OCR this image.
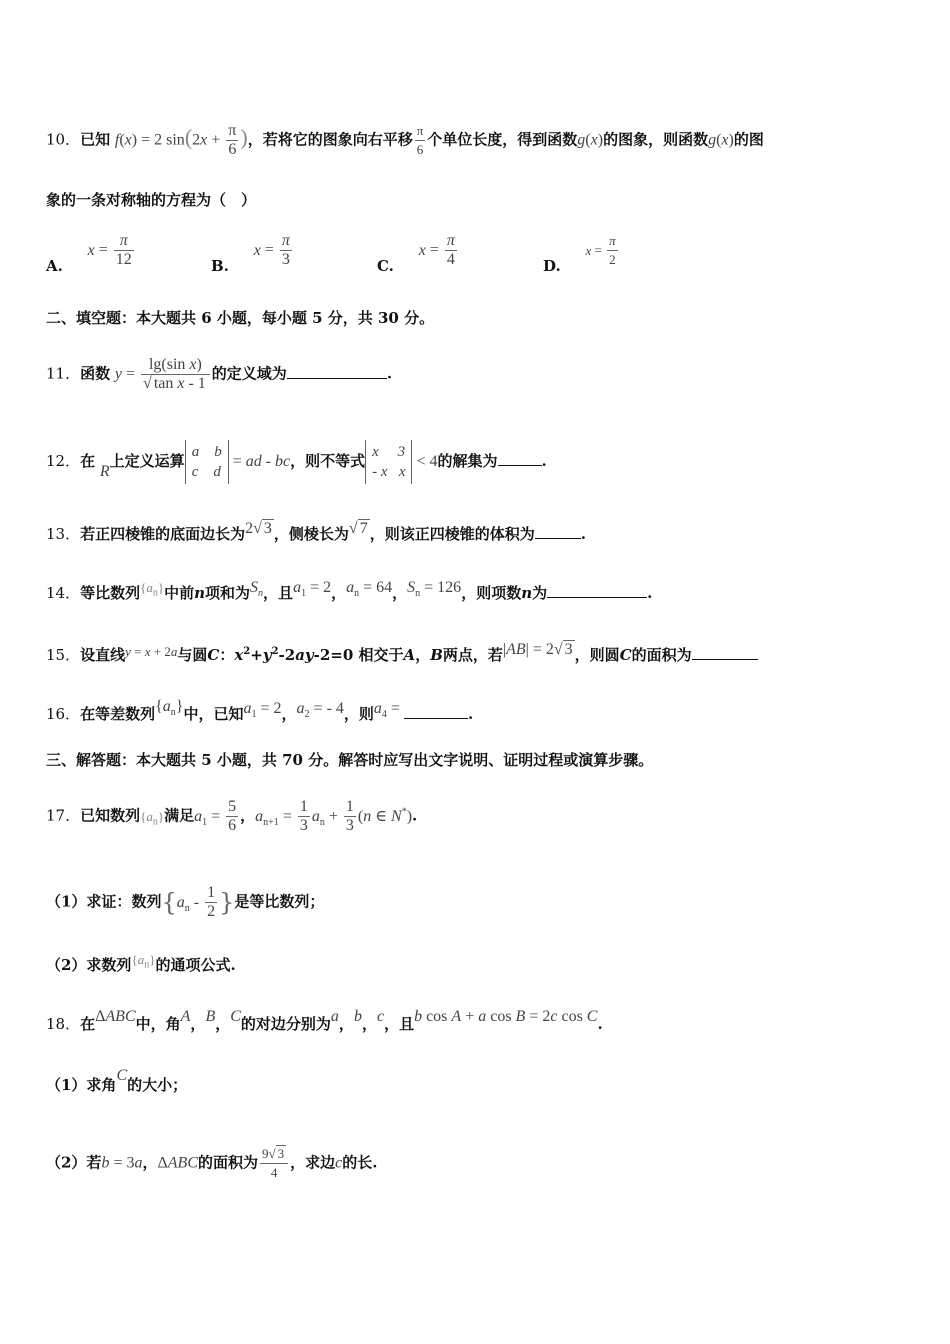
10．已知 f(x) = 2 $\sin(2x + \frac{\pi}{6}$ )，若将它的图象向右平移 $\frac{\pi}{6}$ 个单位长度，得到函数g(x)的图象，则函数g(x)的图
象的一条对称轴的方程为（　）
A. $x = \frac{\pi}{12}$	B. $x = \frac{\pi}{3}$	C. $x = \frac{\pi}{4}$	D. $x = \frac{\pi}{2}$
二、填空题：本大题共 6 小题，每小题 5 分，共 30 分。
11．函数 $y = \frac{\text{lg(sin x)}}{\text{√ tan x - 1}}$ 的定义域为	.
12．在 R上定义运算 a    b
c    d
= ad - bc，则不等式 x     3
- x   x
< 4的解集为	.
13．若正四棱锥的底面边长为2√ 3 ，侧棱长为√ 7 ，则该正四棱锥的体积为	.
14．等比数列$\{a_n\}$中前n项和为$S_n$，且$a_1 = 2$，$a_n = 64$，$S_n = 126$，则项数n为	.
15．设直线y = x + 2a与圆C：$x^2+y^2-2ay-2=0$ 相交于A，B两点，若|AB| = 2√ 3 ，则圆C的面积为
16．在等差数列$\{a_n\}$中，已知$a_1 = 2$，$a_2$ = - 4，则$a_4$ =	.
三、解答题：本大题共 5 小题，共 70 分。解答时应写出文字说明、证明过程或演算步骤。
17．已知数列$\{a_n\}$满足$a_1 = \frac{5}{6}$ ，$a_{n+1} = \frac{1}{3} a_n + \frac{1}{3} (n$ ∈ N*).
（1）求证：数列{$a_n - \frac{1}{2}$ }是等比数列；
（2）求数列$\{a_n\}$的通项公式.
18．在ΔABC中，角A，B，C的对边分别为a，b，c，且b cos A + a cos B = 2c cos C.
（1）求角C的大小；
（2）若b = 3a，ΔABC的面积为 $\frac{9√ 3}{4}$ ，求边c的长.
